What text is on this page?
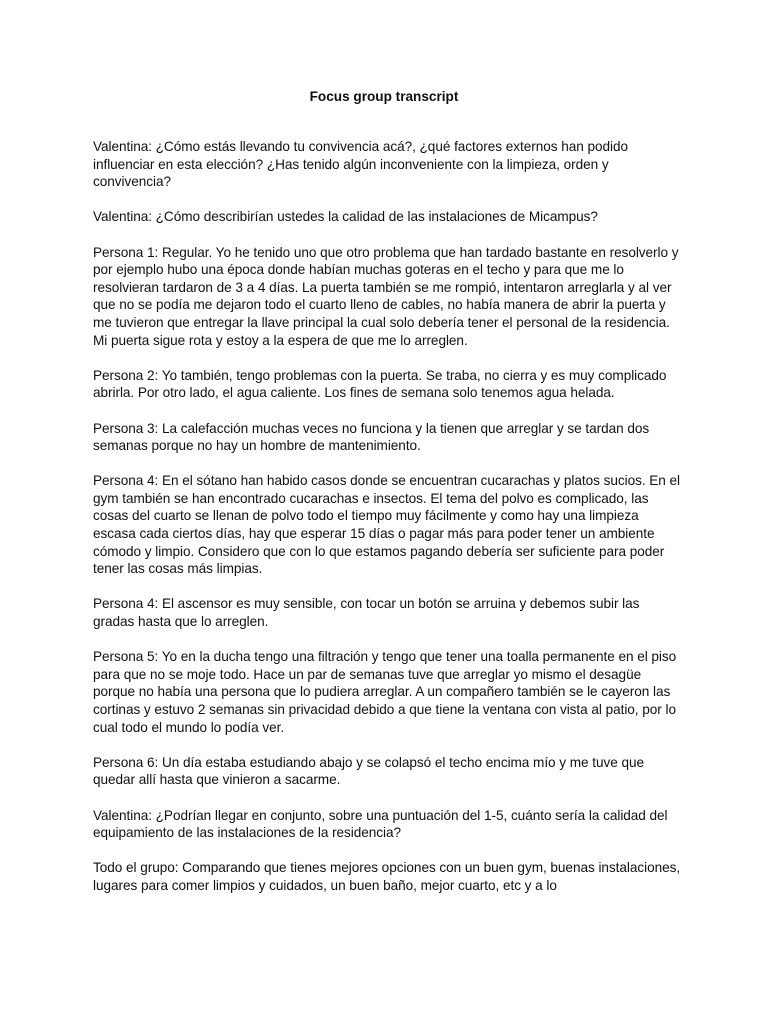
Focus group transcript

Valentina: ¿Cómo estás llevando tu convivencia acá?, ¿qué factores externos han podido influenciar en esta elección? ¿Has tenido algún inconveniente con la limpieza, orden y convivencia?

Valentina: ¿Cómo describirían ustedes la calidad de las instalaciones de Micampus?

Persona 1: Regular. Yo he tenido uno que otro problema que han tardado bastante en resolverlo y por ejemplo hubo una época donde habían muchas goteras en el techo y para que me lo resolvieran tardaron de 3 a 4 días. La puerta también se me rompió, intentaron arreglarla y al ver que no se podía me dejaron todo el cuarto lleno de cables, no había manera de abrir la puerta y me tuvieron que entregar la llave principal la cual solo debería tener el personal de la residencia. Mi puerta sigue rota y estoy a la espera de que me lo arreglen.

Persona 2: Yo también, tengo problemas con la puerta. Se traba, no cierra y es muy complicado abrirla. Por otro lado, el agua caliente. Los fines de semana solo tenemos agua helada.

Persona 3: La calefacción muchas veces no funciona y la tienen que arreglar y se tardan dos semanas porque no hay un hombre de mantenimiento.

Persona 4: En el sótano han habido casos donde se encuentran cucarachas y platos sucios. En el gym también se han encontrado cucarachas e insectos. El tema del polvo es complicado, las cosas del cuarto se llenan de polvo todo el tiempo muy fácilmente y como hay una limpieza escasa cada ciertos días, hay que esperar 15 días o pagar más para poder tener un ambiente cómodo y limpio. Considero que con lo que estamos pagando debería ser suficiente para poder tener las cosas más limpias.

Persona 4: El ascensor es muy sensible, con tocar un botón se arruina y debemos subir las gradas hasta que lo arreglen.

Persona 5: Yo en la ducha tengo una filtración y tengo que tener una toalla permanente en el piso para que no se moje todo. Hace un par de semanas tuve que arreglar yo mismo el desagüe porque no había una persona que lo pudiera arreglar. A un compañero también se le cayeron las cortinas y estuvo 2 semanas sin privacidad debido a que tiene la ventana con vista al patio, por lo cual todo el mundo lo podía ver.

Persona 6: Un día estaba estudiando abajo y se colapsó el techo encima mío y me tuve que quedar allí hasta que vinieron a sacarme.

Valentina: ¿Podrían llegar en conjunto, sobre una puntuación del 1-5, cuánto sería la calidad del equipamiento de las instalaciones de la residencia?

Todo el grupo: Comparando que tienes mejores opciones con un buen gym, buenas instalaciones, lugares para comer limpios y cuidados, un buen baño, mejor cuarto, etc y a lo
